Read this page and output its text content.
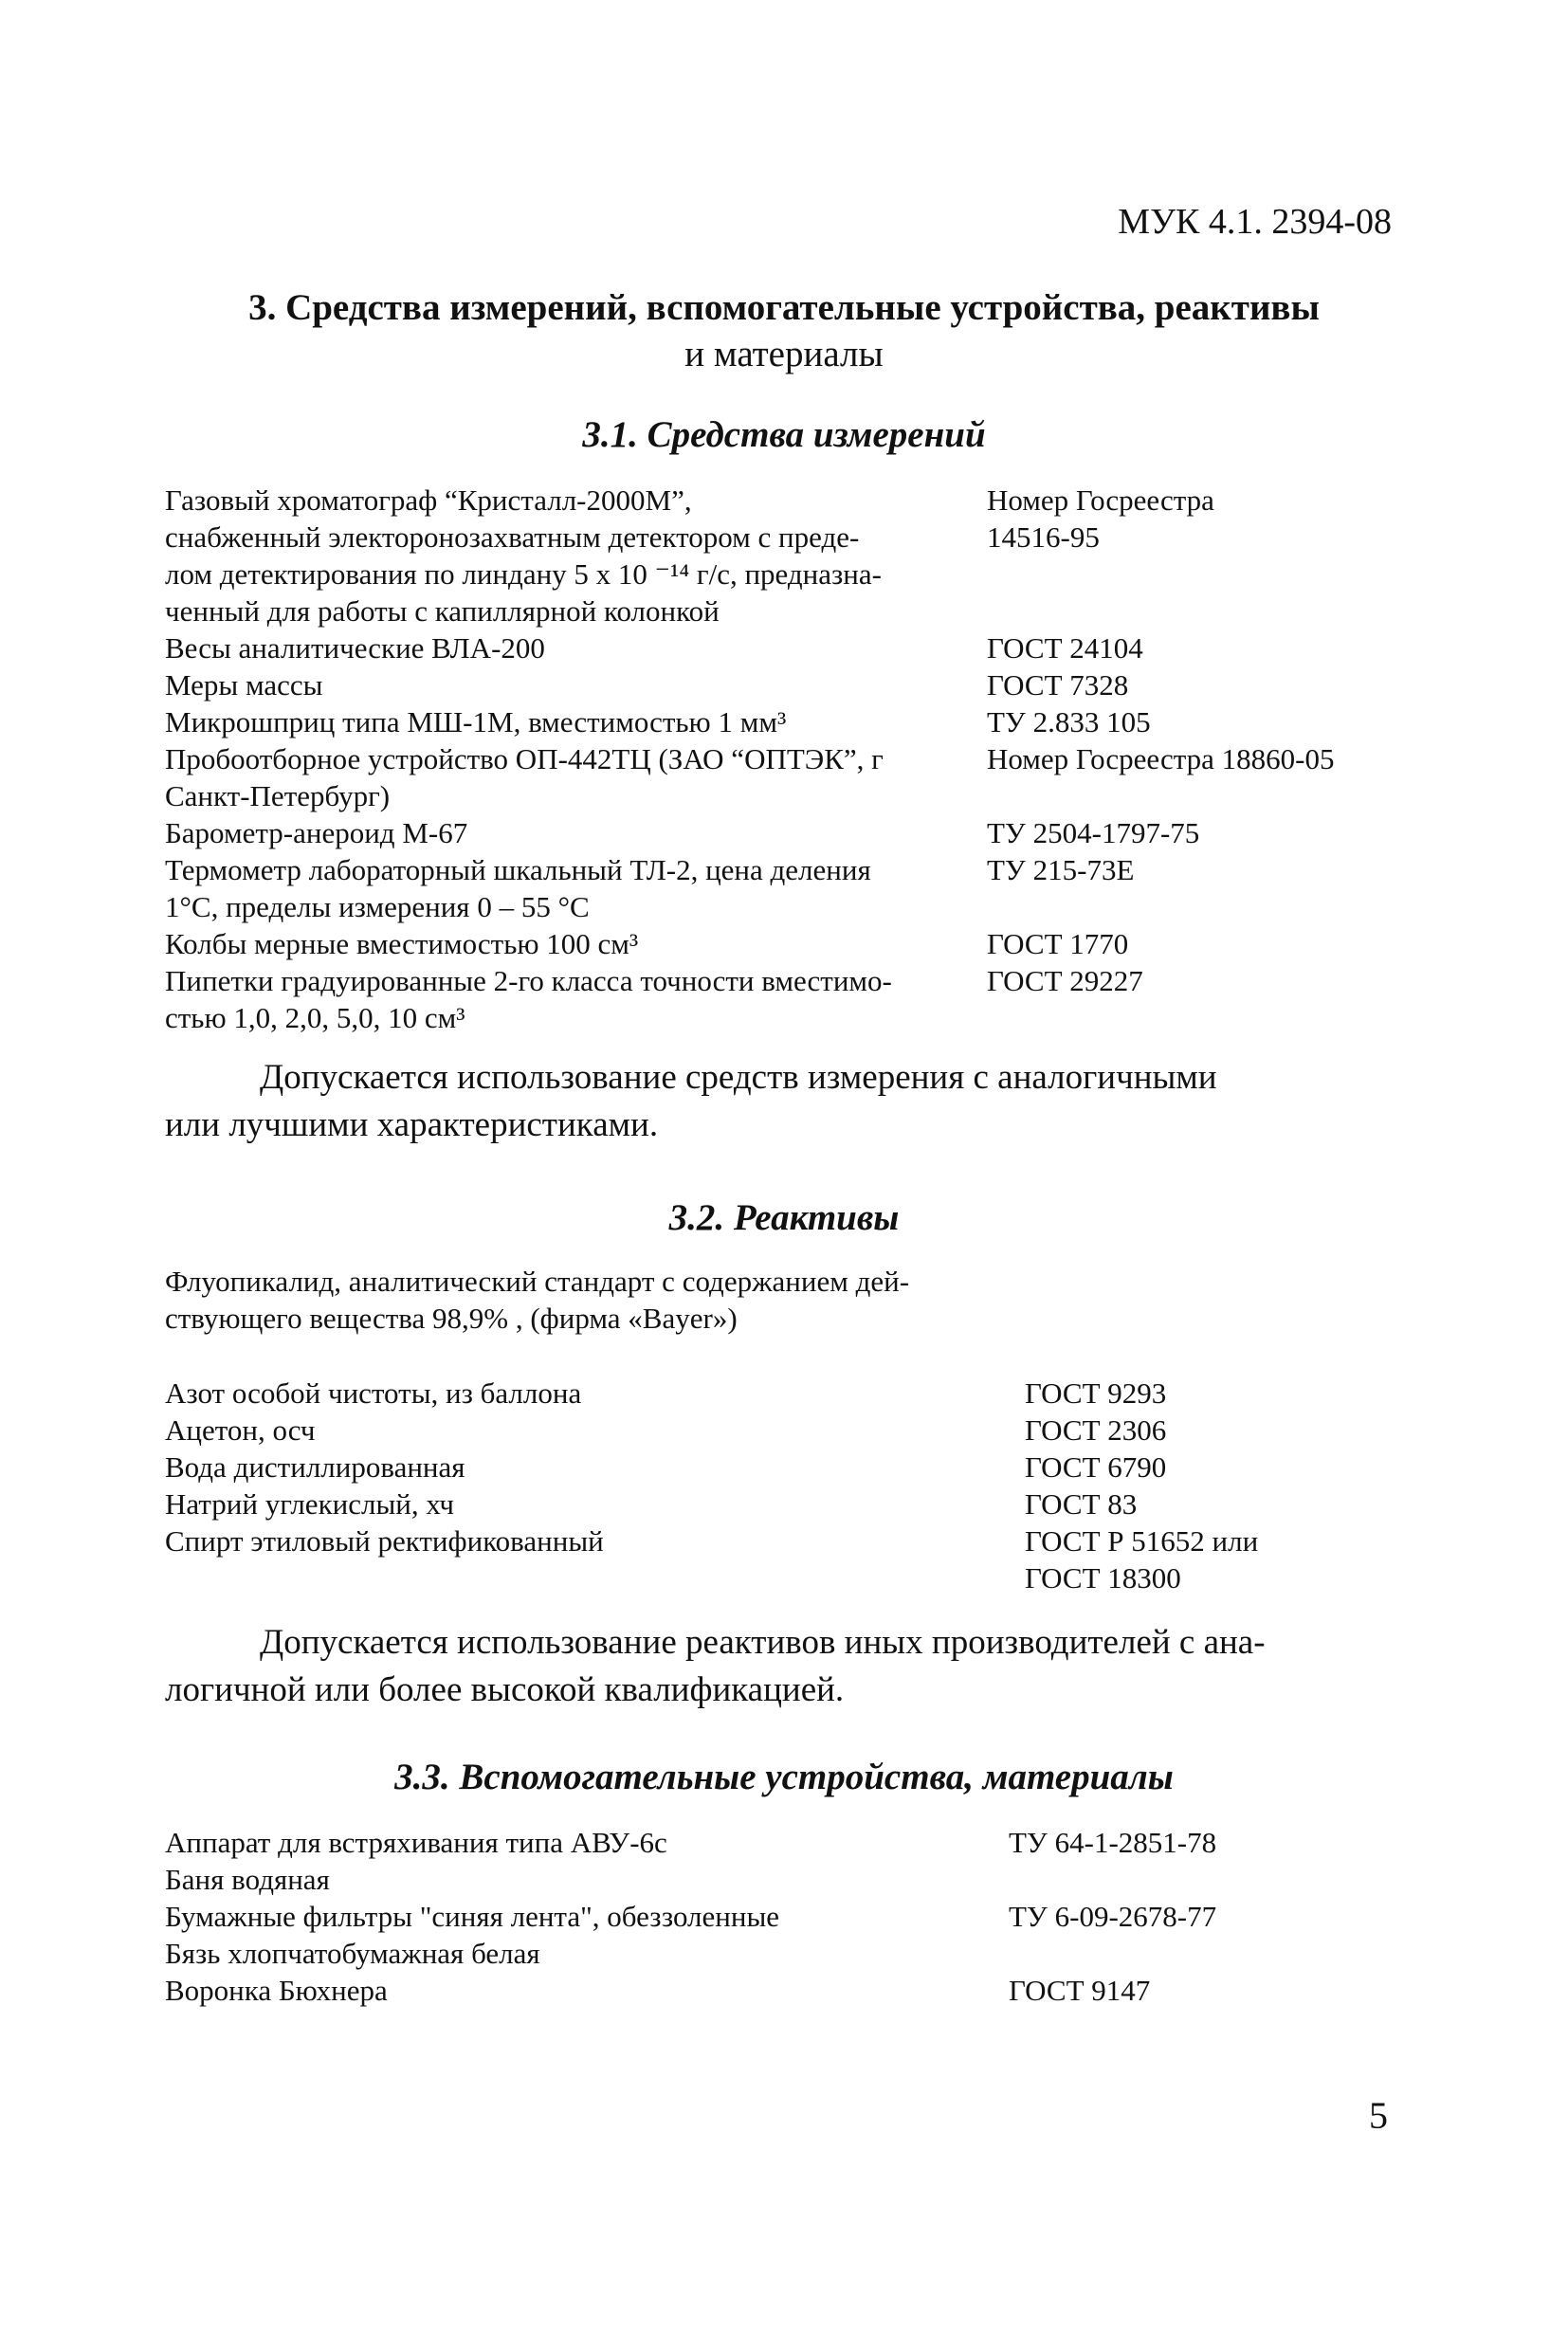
МУК 4.1. 2394-08
3. Средства измерений, вспомогательные устройства, реактивы
и материалы
3.1. Средства измерений
Газовый хроматограф “Кристалл-2000М”,	Номер Госреестра
снабженный электоронозахватным детектором с преде-	14516-95
лом детектирования по линдану 5 х 10 ⁻¹⁴ г/с, предназна-
ченный для работы с капиллярной колонкой
Весы аналитические ВЛА-200	ГОСТ 24104
Меры массы	ГОСТ 7328
Микрошприц типа МШ-1М, вместимостью 1 мм³	ТУ 2.833 105
Пробоотборное устройство ОП-442ТЦ (ЗАО “ОПТЭК”, г	Номер Госреестра 18860-05
Санкт-Петербург)
Барометр-анероид М-67	ТУ 2504-1797-75
Термометр лабораторный шкальный ТЛ-2, цена деления	ТУ 215-73Е
1°С, пределы измерения 0 – 55 °С
Колбы мерные вместимостью 100 см³	ГОСТ 1770
Пипетки градуированные 2-го класса точности вместимо-	ГОСТ 29227
стью 1,0, 2,0, 5,0, 10 см³
Допускается использование средств измерения с аналогичными
или лучшими характеристиками.
3.2. Реактивы
Флуопикалид, аналитический стандарт с содержанием дей-
ствующего вещества 98,9% , (фирма «Bayer»)
Азот особой чистоты, из баллона	ГОСТ 9293
Ацетон, осч	ГОСТ 2306
Вода дистиллированная	ГОСТ 6790
Натрий углекислый, хч	ГОСТ 83
Спирт этиловый ректификованный	ГОСТ Р 51652 или
ГОСТ 18300
Допускается использование реактивов иных производителей с ана-
логичной или более высокой квалификацией.
3.3. Вспомогательные устройства, материалы
Аппарат для встряхивания типа АВУ-6с	ТУ 64-1-2851-78
Баня водяная
Бумажные фильтры "синяя лента", обеззоленные	ТУ 6-09-2678-77
Бязь хлопчатобумажная белая
Воронка Бюхнера	ГОСТ 9147
5
